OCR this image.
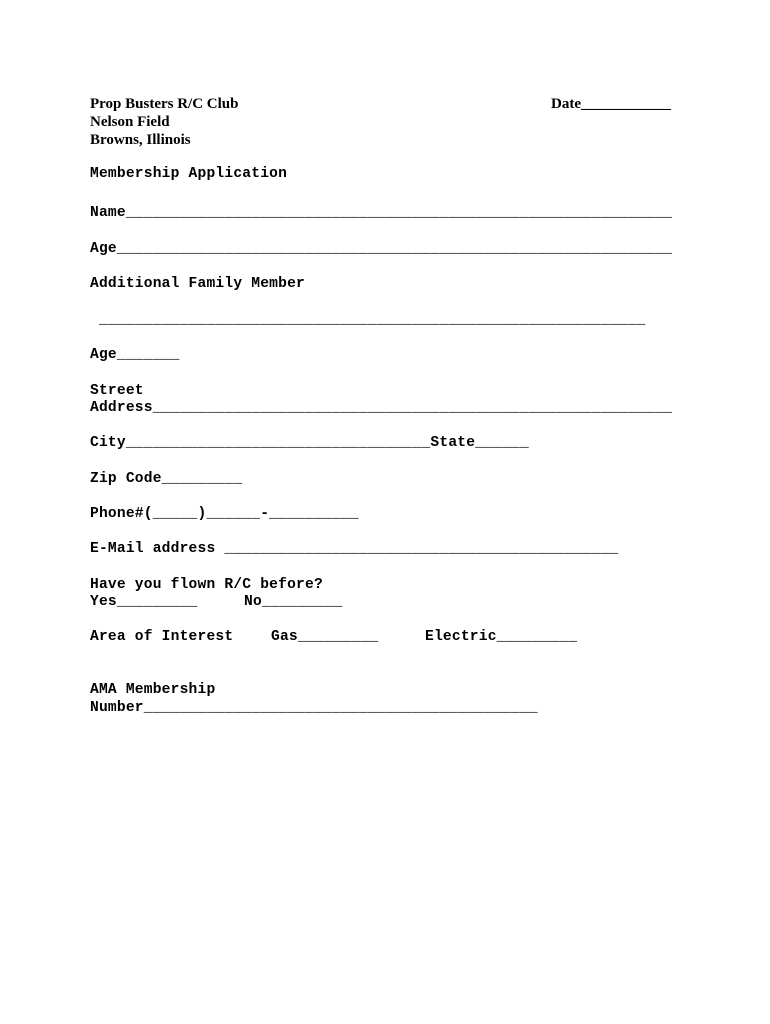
Prop Busters R/C Club
Nelson Field
Browns, Illinois
Date____________
Membership Application
Name_____________________________________________________________
Age______________________________________________________________
Additional Family Member
_____________________________________________________________
Age_______
Street
Address__________________________________________________________
City__________________________________State______
Zip Code_________
Phone#(_____)______-__________
E-Mail address ____________________________________________
Have you flown R/C before?
Yes_________	No_________
Area of Interest	Gas_________	Electric_________
AMA Membership
Number____________________________________________
